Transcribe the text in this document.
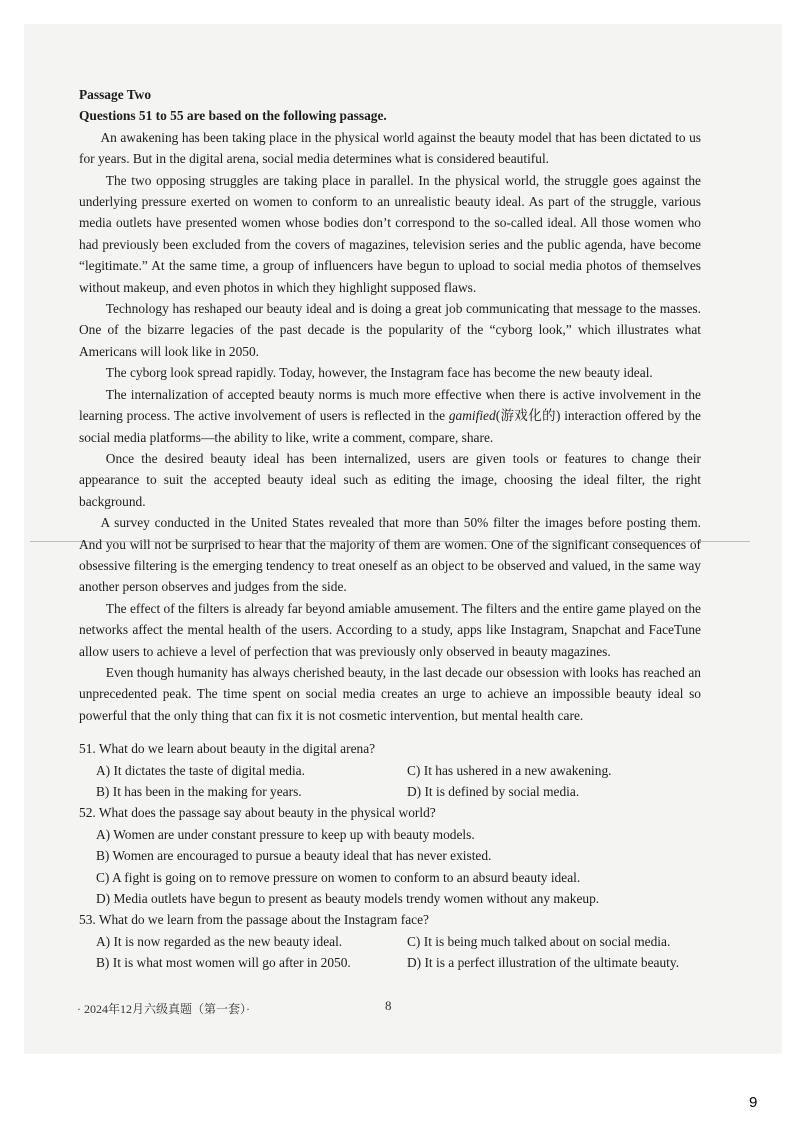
Passage Two
Questions 51 to 55 are based on the following passage.

An awakening has been taking place in the physical world against the beauty model that has been dictated to us for years. But in the digital arena, social media determines what is considered beautiful.

The two opposing struggles are taking place in parallel. In the physical world, the struggle goes against the underlying pressure exerted on women to conform to an unrealistic beauty ideal. As part of the struggle, various media outlets have presented women whose bodies don’t correspond to the so-called ideal. All those women who had previously been excluded from the covers of magazines, television series and the public agenda, have become “legitimate.” At the same time, a group of influencers have begun to upload to social media photos of themselves without makeup, and even photos in which they highlight supposed flaws.

Technology has reshaped our beauty ideal and is doing a great job communicating that message to the masses. One of the bizarre legacies of the past decade is the popularity of the “cyborg look,” which illustrates what Americans will look like in 2050.

The cyborg look spread rapidly. Today, however, the Instagram face has become the new beauty ideal.

The internalization of accepted beauty norms is much more effective when there is active involvement in the learning process. The active involvement of users is reflected in the gamified(游戏化的) interaction offered by the social media platforms—the ability to like, write a comment, compare, share.

Once the desired beauty ideal has been internalized, users are given tools or features to change their appearance to suit the accepted beauty ideal such as editing the image, choosing the ideal filter, the right background.

A survey conducted in the United States revealed that more than 50% filter the images before posting them. And you will not be surprised to hear that the majority of them are women. One of the significant consequences of obsessive filtering is the emerging tendency to treat oneself as an object to be observed and valued, in the same way another person observes and judges from the side.

The effect of the filters is already far beyond amiable amusement. The filters and the entire game played on the networks affect the mental health of the users. According to a study, apps like Instagram, Snapchat and FaceTune allow users to achieve a level of perfection that was previously only observed in beauty magazines.

Even though humanity has always cherished beauty, in the last decade our obsession with looks has reached an unprecedented peak. The time spent on social media creates an urge to achieve an impossible beauty ideal so powerful that the only thing that can fix it is not cosmetic intervention, but mental health care.

51. What do we learn about beauty in the digital arena?

A) It dictates the taste of digital media.	C) It has ushered in a new awakening.
B) It has been in the making for years.	D) It is defined by social media.

52. What does the passage say about beauty in the physical world?

A) Women are under constant pressure to keep up with beauty models.
B) Women are encouraged to pursue a beauty ideal that has never existed.
C) A fight is going on to remove pressure on women to conform to an absurd beauty ideal.
D) Media outlets have begun to present as beauty models trendy women without any makeup.

53. What do we learn from the passage about the Instagram face?

A) It is now regarded as the new beauty ideal.	C) It is being much talked about on social media.
B) It is what most women will go after in 2050.	D) It is a perfect illustration of the ultimate beauty.
· 2024年12月六级真题（第一套）·	8
9
